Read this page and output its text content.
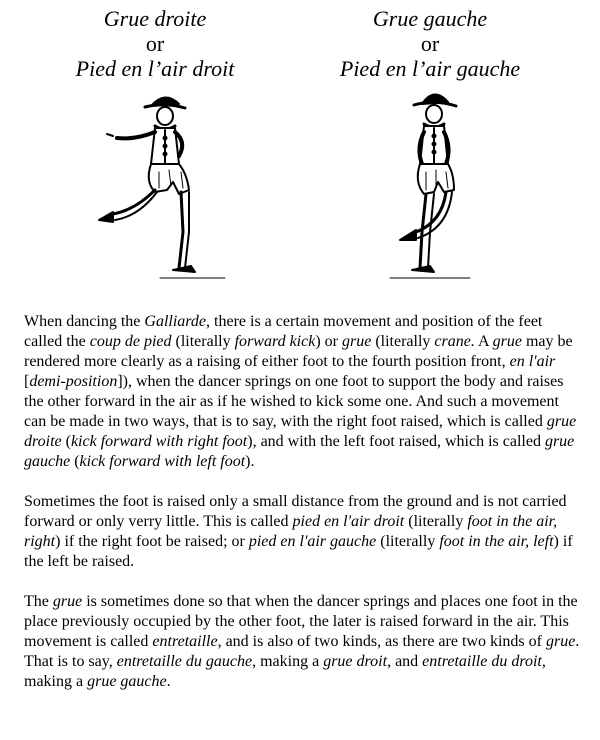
Grue droite
or
Pied en l’air droit
Grue gauche
or
Pied en l’air gauche

When dancing the Galliarde, there is a certain movement and position of the feet called the coup de pied (literally forward kick) or grue (literally crane. A grue may be rendered more clearly as a raising of either foot to the fourth position front, en l'air [demi-position]), when the dancer springs on one foot to support the body and raises the other forward in the air as if he wished to kick some one. And such a movement can be made in two ways, that is to say, with the right foot raised, which is called grue droite (kick forward with right foot), and with the left foot raised, which is called grue gauche (kick forward with left foot).

Sometimes the foot is raised only a small distance from the ground and is not carried forward or only verry little. This is called pied en l'air droit (literally foot in the air, right) if the right foot be raised; or pied en l'air gauche (literally foot in the air, left) if the left be raised.

The grue is sometimes done so that when the dancer springs and places one foot in the place previously occupied by the other foot, the later is raised forward in the air. This movement is called entretaille, and is also of two kinds, as there are two kinds of grue. That is to say, entretaille du gauche, making a grue droit, and entretaille du droit, making a grue gauche.
